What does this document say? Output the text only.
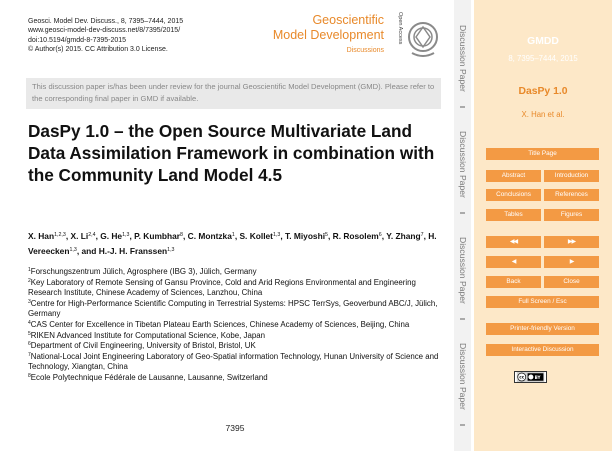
Geosci. Model Dev. Discuss., 8, 7395–7444, 2015
www.geosci-model-dev-discuss.net/8/7395/2015/
doi:10.5194/gmdd-8-7395-2015
© Author(s) 2015. CC Attribution 3.0 License.
Geoscientific
Model Development
Discussions
Open Access
This discussion paper is/has been under review for the journal Geoscientific Model Development (GMD). Please refer to the corresponding final paper in GMD if available.
DasPy 1.0 – the Open Source Multivariate Land Data Assimilation Framework in combination with the Community Land Model 4.5
X. Han$^{1,2,3}$, X. Li$^{2,4}$, G. He$^{1,3}$, P. Kumbhar$^8$, C. Montzka$^1$, S. Kollet$^{1,3}$, T. Miyoshi$^5$, R. Rosolem$^6$, Y. Zhang$^7$, H. Vereecken$^{1,3}$, and H.-J. H. Franssen$^{1,3}$
$^1$Forschungszentrum Jülich, Agrosphere (IBG 3), Jülich, Germany
$^2$Key Laboratory of Remote Sensing of Gansu Province, Cold and Arid Regions Environmental and Engineering Research Institute, Chinese Academy of Sciences, Lanzhou, China
$^3$Centre for High-Performance Scientific Computing in Terrestrial Systems: HPSC TerrSys, Geoverbund ABC/J, Jülich, Germany
$^4$CAS Center for Excellence in Tibetan Plateau Earth Sciences, Chinese Academy of Sciences, Beijing, China
$^5$RIKEN Advanced Institute for Computational Science, Kobe, Japan
$^6$Department of Civil Engineering, University of Bristol, Bristol, UK
$^7$National-Local Joint Engineering Laboratory of Geo-Spatial information Technology, Hunan University of Science and Technology, Xiangtan, China
$^8$Ecole Polytechnique Fédérale de Lausanne, Lausanne, Switzerland
7395
Discussion Paper
Discussion Paper
Discussion Paper
Discussion Paper
GMDD
8, 7395–7444, 2015
DasPy 1.0
X. Han et al.
Title Page
Abstract	Introduction
Conclusions	References
Tables	Figures
◀◀	▶▶
◀	▶
Back	Close
Full Screen / Esc
Printer-friendly Version
Interactive Discussion
cc BY
